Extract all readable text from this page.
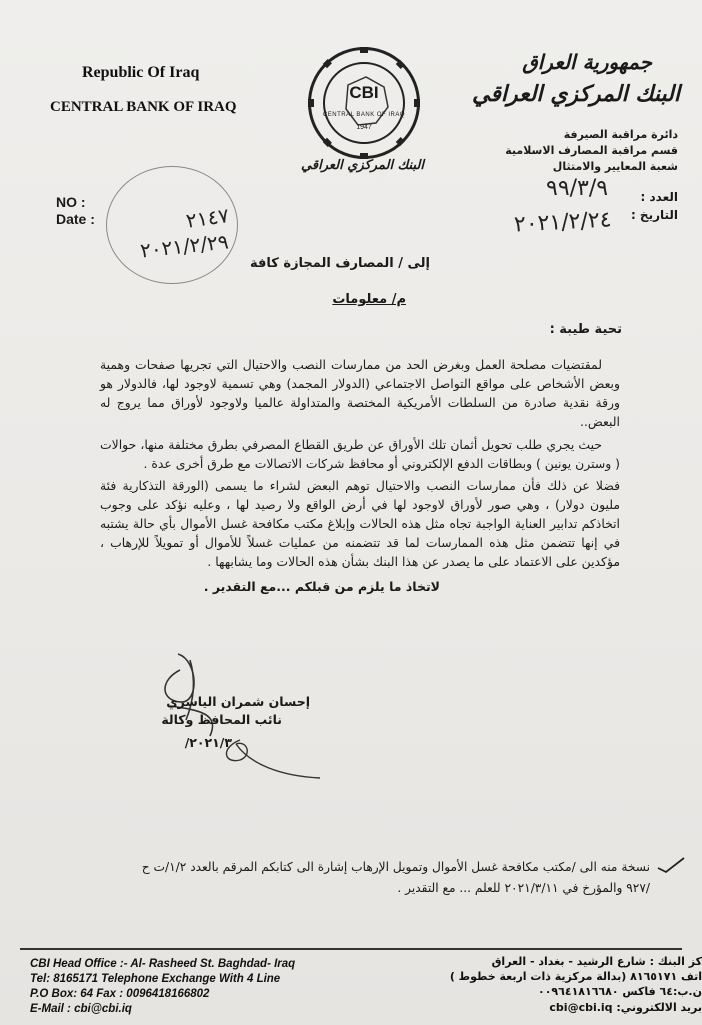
Republic Of Iraq
CENTRAL BANK OF IRAQ
CBI
CENTRAL BANK OF IRAQ
1947
البنك المركزي العراقي
جمهورية العراق
البنك المركزي العراقي
دائرة مراقبة الصيرفة
قسم مراقبة المصارف الاسلامية
شعبة المعايير والامتثال
NO :
Date :	٢١٤٧
٢٠٢١/٢/٢٩
العدد :
٩٩/٣/٩
التاريخ :
٢٠٢١/٢/٢٤
إلى / المصارف المجازة كافة
م/ معلومات
تحية طيبة :
لمقتضيات مصلحة العمل وبغرض الحد من ممارسات النصب والاحتيال التي تجريها صفحات وهمية وبعض الأشخاص على مواقع التواصل الاجتماعي (الدولار المجمد) وهي تسمية لاوجود لها، فالدولار هو ورقة نقدية صادرة من السلطات الأمريكية المختصة والمتداولة عالميا ولاوجود لأوراق مما يروج له البعض..
حيث يجري طلب تحويل أثمان تلك الأوراق عن طريق القطاع المصرفي بطرق مختلفة منها، حوالات ( وسترن يونين ) وبطاقات الدفع الإلكتروني أو محافظ شركات الاتصالات مع طرق أخرى عدة .
فضلا عن ذلك فأن ممارسات النصب والاحتيال توهم البعض لشراء ما يسمى (الورقة التذكارية فئة مليون دولار) ، وهي صور لأوراق لاوجود لها في أرض الواقع ولا رصيد لها ، وعليه نؤكد على وجوب اتخاذكم تدابير العناية الواجبة تجاه مثل هذه الحالات وإبلاغ مكتب مكافحة غسل الأموال بأي حالة يشتبه في إنها تتضمن مثل هذه الممارسات لما قد تتضمنه من عمليات غسلاً للأموال أو تمويلاً للإرهاب ، مؤكدين على الاعتماد على ما يصدر عن هذا البنك بشأن هذه الحالات وما يشابهها .
لاتخاذ ما يلزم من قبلكم ...مع التقدير .
إحسان شمران الياسري
نائب المحافظ وكالة
٢٠٢١/٣/
نسخة منه الى /مكتب مكافحة غسل الأموال وتمويل الإرهاب إشارة الى كتابكم المرقم بالعدد ١/٢/ت ح
/٩٢٧ والمؤرخ في ٢٠٢١/٣/١١ للعلم ... مع التقدير .
CBI Head Office :- Al- Rasheed St. Baghdad- Iraq
Tel: 8165171 Telephone Exchange With 4 Line
P.O Box: 64 Fax : 0096418166802
E-Mail : cbi@cbi.iq
كز البنك : شارع الرشيد - بغداد - العراق
اتف ٨١٦٥١٧١ (بدالة مركزية ذات اربعة خطوط )
ن.ب:٦٤ فاكس ٠٠٩٦٤١٨١٦٦٨٠
بريد الالكتروني: cbi@cbi.iq
